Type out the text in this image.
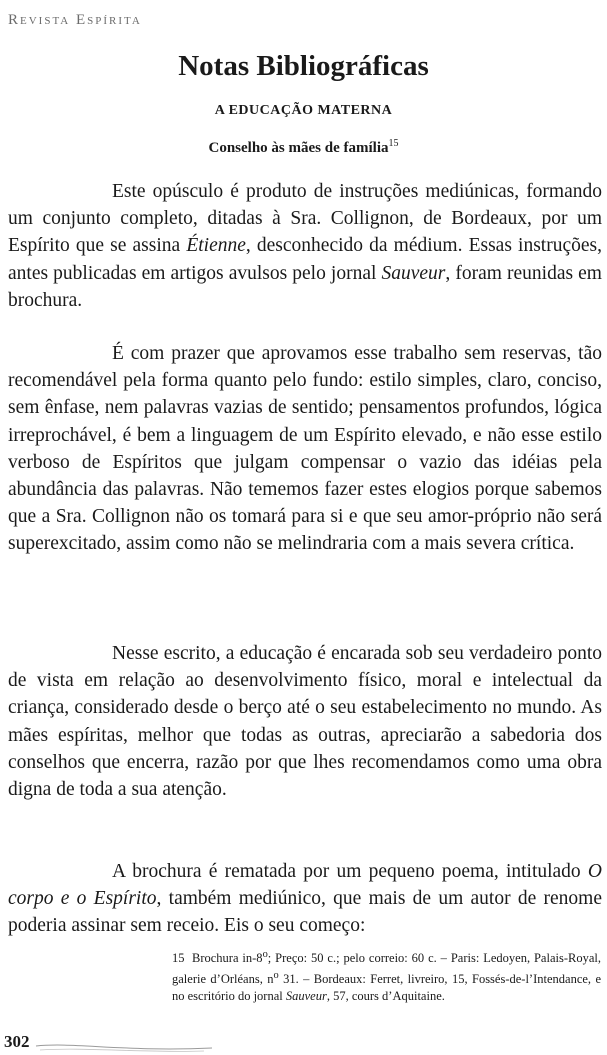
Revista Espírita
Notas Bibliográficas
A EDUCAÇÃO MATERNA
Conselho às mães de família$^{15}$

Este opúsculo é produto de instruções mediúnicas, formando um conjunto completo, ditadas à Sra. Collignon, de Bordeaux, por um Espírito que se assina Étienne, desconhecido da médium. Essas instruções, antes publicadas em artigos avulsos pelo jornal Sauveur, foram reunidas em brochura.

É com prazer que aprovamos esse trabalho sem reservas, tão recomendável pela forma quanto pelo fundo: estilo simples, claro, conciso, sem ênfase, nem palavras vazias de sentido; pensamentos profundos, lógica irreprochável, é bem a linguagem de um Espírito elevado, e não esse estilo verboso de Espíritos que julgam compensar o vazio das idéias pela abundância das palavras. Não tememos fazer estes elogios porque sabemos que a Sra. Collignon não os tomará para si e que seu amor-próprio não será superexcitado, assim como não se melindraria com a mais severa crítica.

Nesse escrito, a educação é encarada sob seu verdadeiro ponto de vista em relação ao desenvolvimento físico, moral e intelectual da criança, considerado desde o berço até o seu estabelecimento no mundo. As mães espíritas, melhor que todas as outras, apreciarão a sabedoria dos conselhos que encerra, razão por que lhes recomendamos como uma obra digna de toda a sua atenção.

A brochura é rematada por um pequeno poema, intitulado O corpo e o Espírito, também mediúnico, que mais de um autor de renome poderia assinar sem receio. Eis o seu começo:

15 Brochura in-8$^o$; Preço: 50 c.; pelo correio: 60 c. – Paris: Ledoyen, Palais-Royal, galerie d’Orléans, $n^o$ 31. – Bordeaux: Ferret, livreiro, 15, Fossés-de-l’Intendance, e no escritório do jornal Sauveur, 57, cours d’Aquitaine.
302
